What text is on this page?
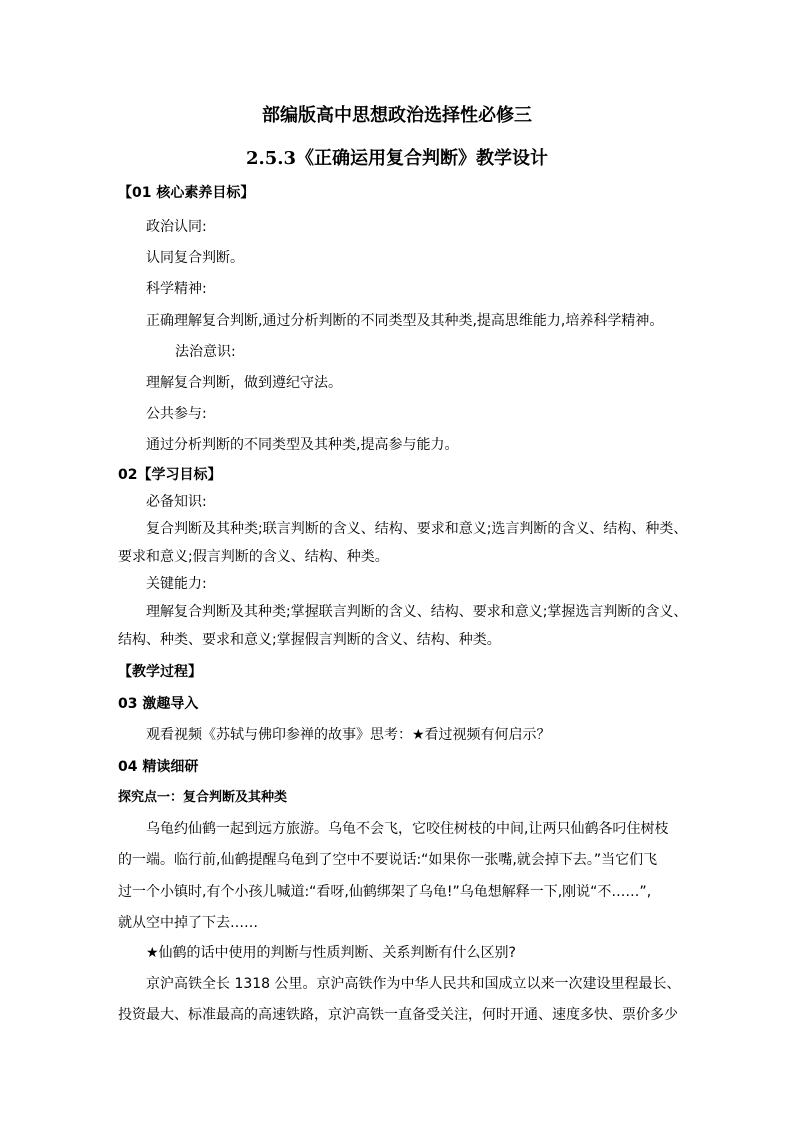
部编版高中思想政治选择性必修三
2.5.3《正确运用复合判断》教学设计
【01 核心素养目标】
政治认同:
认同复合判断。
科学精神:
正确理解复合判断,通过分析判断的不同类型及其种类,提高思维能力,培养科学精神。
法治意识:
理解复合判断，做到遵纪守法。
公共参与:
通过分析判断的不同类型及其种类,提高参与能力。
02【学习目标】
必备知识:
复合判断及其种类;联言判断的含义、结构、要求和意义;选言判断的含义、结构、种类、
要求和意义;假言判断的含义、结构、种类。
关键能力:
理解复合判断及其种类;掌握联言判断的含义、结构、要求和意义;掌握选言判断的含义、
结构、种类、要求和意义;掌握假言判断的含义、结构、种类。
【教学过程】
03 激趣导入
观看视频《苏轼与佛印参禅的故事》思考：★看过视频有何启示？
04 精读细研
探究点一：复合判断及其种类
乌龟约仙鹤一起到远方旅游。乌龟不会飞，它咬住树枝的中间,让两只仙鹤各叼住树枝
的一端。临行前,仙鹤提醒乌龟到了空中不要说话:“如果你一张嘴,就会掉下去。”当它们飞
过一个小镇时,有个小孩儿喊道:“看呀,仙鹤绑架了乌龟!”乌龟想解释一下,刚说“不……”,
就从空中掉了下去……
★仙鹤的话中使用的判断与性质判断、关系判断有什么区别?
京沪高铁全长 1318 公里。京沪高铁作为中华人民共和国成立以来一次建设里程最长、
投资最大、标准最高的高速铁路，京沪高铁一直备受关注，何时开通、速度多快、票价多少
